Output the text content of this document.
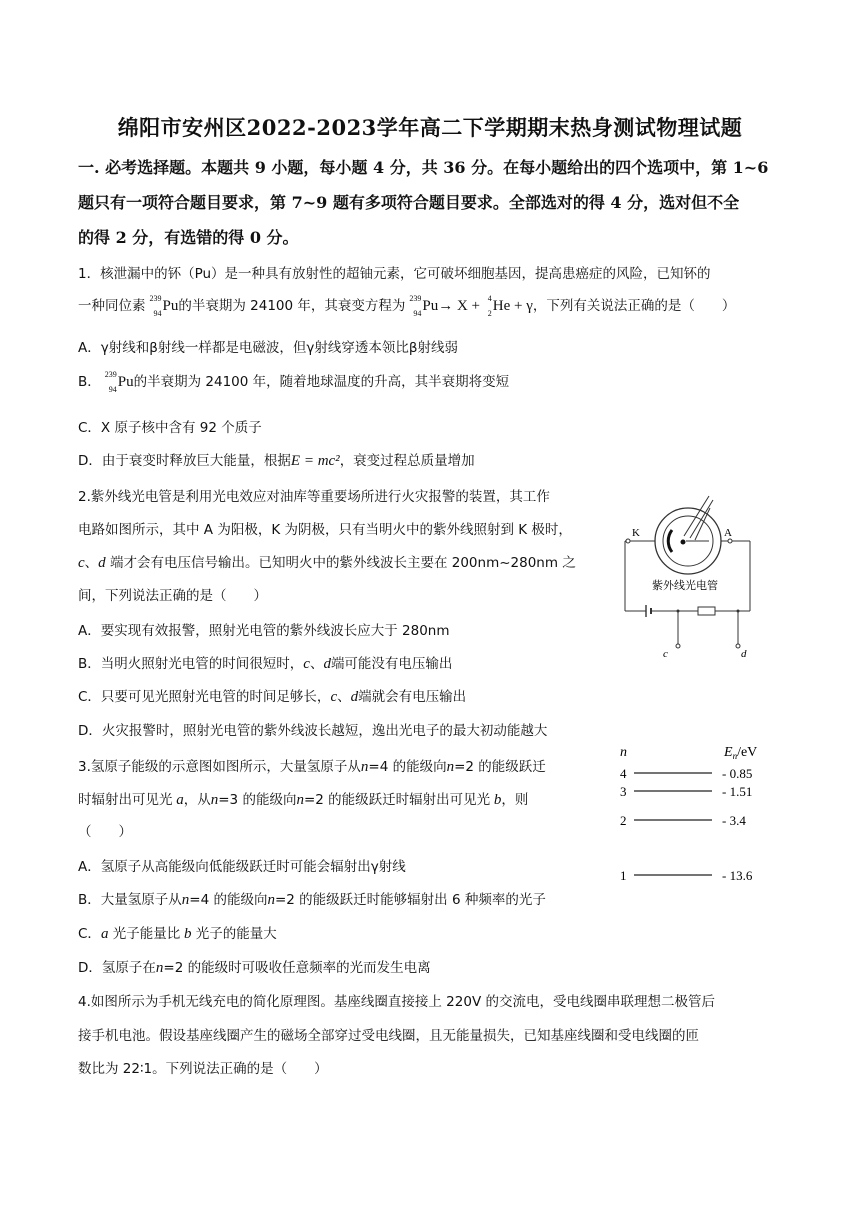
绵阳市安州区2022-2023学年高二下学期期末热身测试物理试题
一. 必考选择题。本题共 9 小题，每小题 4 分，共 36 分。在每小题给出的四个选项中，第 1~6
题只有一项符合题目要求，第 7~9 题有多项符合题目要求。全部选对的得 4 分，选对但不全
的得 2 分，有选错的得 0 分。
1．核泄漏中的钚（Pu）是一种具有放射性的超铀元素，它可破坏细胞基因，提高患癌症的风险，已知钚的
一种同位素 239
94 Pu的半衰期为 24100 年，其衰变方程为 239
94 Pu→ X + 4
2 He + γ，下列有关说法正确的是（　　）
A．γ射线和β射线一样都是电磁波，但γ射线穿透本领比β射线弱
B． 239
94 Pu的半衰期为 24100 年，随着地球温度的升高，其半衰期将变短
C．X 原子核中含有 92 个质子
D．由于衰变时释放巨大能量，根据E = mc²，衰变过程总质量增加
2.紫外线光电管是利用光电效应对油库等重要场所进行火灾报警的装置，其工作
电路如图所示，其中 A 为阳极，K 为阴极，只有当明火中的紫外线照射到 K 极时，
c、d 端才会有电压信号输出。已知明火中的紫外线波长主要在 200nm~280nm 之
间，下列说法正确的是（　　）
A．要实现有效报警，照射光电管的紫外线波长应大于 280nm
B．当明火照射光电管的时间很短时，c、d端可能没有电压输出
C．只要可见光照射光电管的时间足够长，c、d端就会有电压输出
D．火灾报警时，照射光电管的紫外线波长越短，逸出光电子的最大初动能越大
K	A
紫外线光电管
c	d
3.氢原子能级的示意图如图所示，大量氢原子从n=4 的能级向n=2 的能级跃迁
时辐射出可见光 a，从n=3 的能级向n=2 的能级跃迁时辐射出可见光 b，则
（　　）
A．氢原子从高能级向低能级跃迁时可能会辐射出γ射线
B．大量氢原子从n=4 的能级向n=2 的能级跃迁时能够辐射出 6 种频率的光子
C．a 光子能量比 b 光子的能量大
D．氢原子在n=2 的能级时可吸收任意频率的光而发生电离
n	$E_n/eV$
4	- 0.85
3	- 1.51
2	- 3.4
1	- 13.6
4.如图所示为手机无线充电的简化原理图。基座线圈直接接上 220V 的交流电，受电线圈串联理想二极管后
接手机电池。假设基座线圈产生的磁场全部穿过受电线圈，且无能量损失，已知基座线圈和受电线圈的匝
数比为 22∶1。下列说法正确的是（　　）
